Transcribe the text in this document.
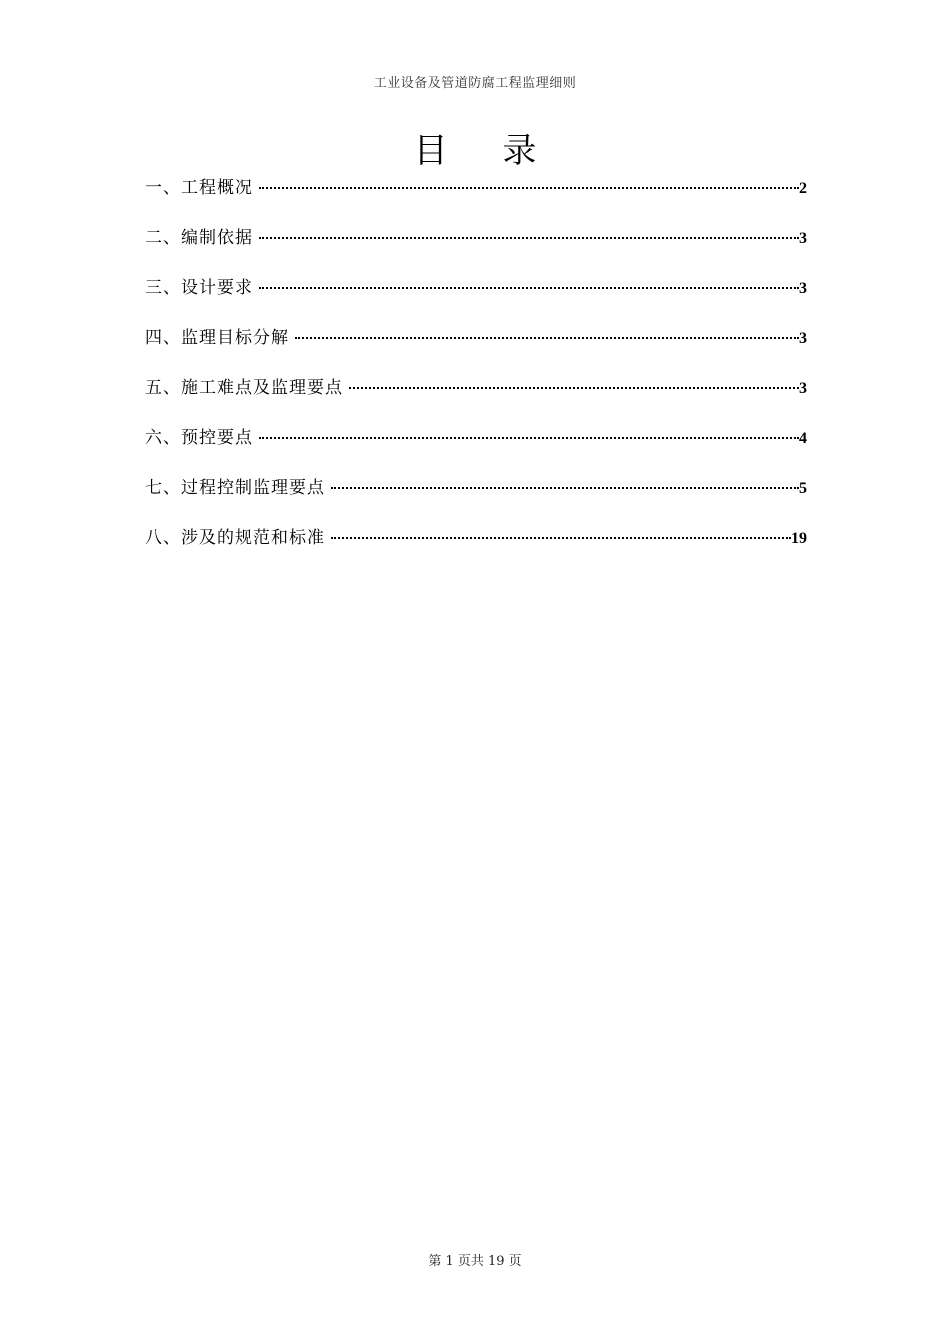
工业设备及管道防腐工程监理细则
目 录
一、工程概况	2
二、编制依据	3
三、设计要求	3
四、监理目标分解	3
五、施工难点及监理要点	3
六、预控要点	4
七、过程控制监理要点	5
八、涉及的规范和标准	19
第 1 页共 19 页
